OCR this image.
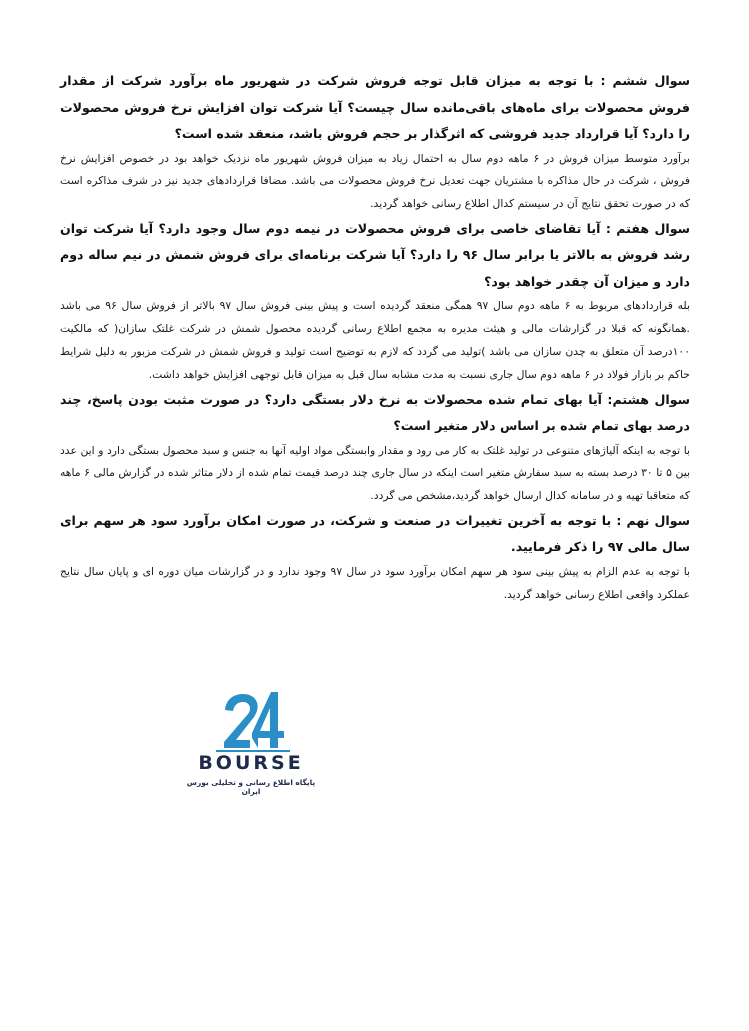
سوال ششم : با توجه به میزان قابل توجه فروش شرکت در شهریور ماه برآورد شرکت از مقدار فروش محصولات برای ماه‌های باقی‌مانده سال چیست؟ آیا شرکت توان افزایش نرخ فروش محصولات را دارد؟ آیا قرارداد جدید فروشی که اثرگذار بر حجم فروش باشد، منعقد شده است؟

برآورد متوسط میزان فروش در ۶ ماهه دوم سال به احتمال زیاد به میزان فروش شهریور ماه نزدیک خواهد بود در خصوص افزایش نرخ فروش ، شرکت در حال مذاکره با مشتریان جهت تعدیل نرخ فروش محصولات می باشد. مضافا قراردادهای جدید نیز در شرف مذاکره است که در صورت تحقق نتایج آن در سیستم کدال اطلاع رسانی خواهد گردید.

سوال هفتم : آیا تقاضای خاصی برای فروش محصولات در نیمه دوم سال وجود دارد؟ آیا شرکت توان رشد فروش به بالاتر یا برابر سال ۹۶ را دارد؟ آیا شرکت برنامه‌ای برای فروش شمش در نیم ساله دوم دارد و میزان آن چقدر خواهد بود؟

بله قراردادهای مربوط به ۶ ماهه دوم سال ۹۷ همگی منعقد گردیده است و پیش بینی فروش سال ۹۷ بالاتر از فروش سال ۹۶ می باشد .همانگونه که قبلا در گزارشات مالی و هیئت مدیره به مجمع اطلاع رسانی گردیده محصول شمش در شرکت غلتک سازان( که مالکیت ۱۰۰درصد آن متعلق به چدن سازان می باشد )تولید می گردد که لازم به توضیح است تولید و فروش شمش در شرکت مزبور به دلیل شرایط حاکم بر بازار فولاد در ۶ ماهه دوم سال جاری نسبت به مدت مشابه سال قبل به میزان قابل توجهی افزایش خواهد داشت.

سوال هشتم: آیا بهای تمام شده محصولات به نرخ دلار بستگی دارد؟ در صورت مثبت بودن پاسخ، چند درصد بهای تمام شده بر اساس دلار متغیر است؟

با توجه به اینکه آلیاژهای متنوعی در تولید غلتک به کار می رود و مقدار وابستگی مواد اولیه آنها به جنس و سبد محصول بستگی دارد و این عدد بین ۵ تا ۳۰ درصد بسته به سبد سفارش متغیر است اینکه در سال جاری چند درصد قیمت تمام شده از دلار متاثر شده در گزارش مالی ۶ ماهه که متعاقبا تهیه و در سامانه کدال ارسال خواهد گردید،مشخص می گردد.

سوال نهم : با توجه به آخرین تغییرات در صنعت و شرکت، در صورت امکان برآورد سود هر سهم برای سال مالی ۹۷ را ذکر فرمایید.

با توجه به عدم الزام به پیش بینی سود هر سهم امکان برآورد سود در سال ۹۷ وجود ندارد و در گزارشات میان دوره ای و پایان سال نتایج عملکرد واقعی اطلاع رسانی خواهد گردید.

BOURSE
پایگاه اطلاع رسانی و تحلیلی بورس ایران
